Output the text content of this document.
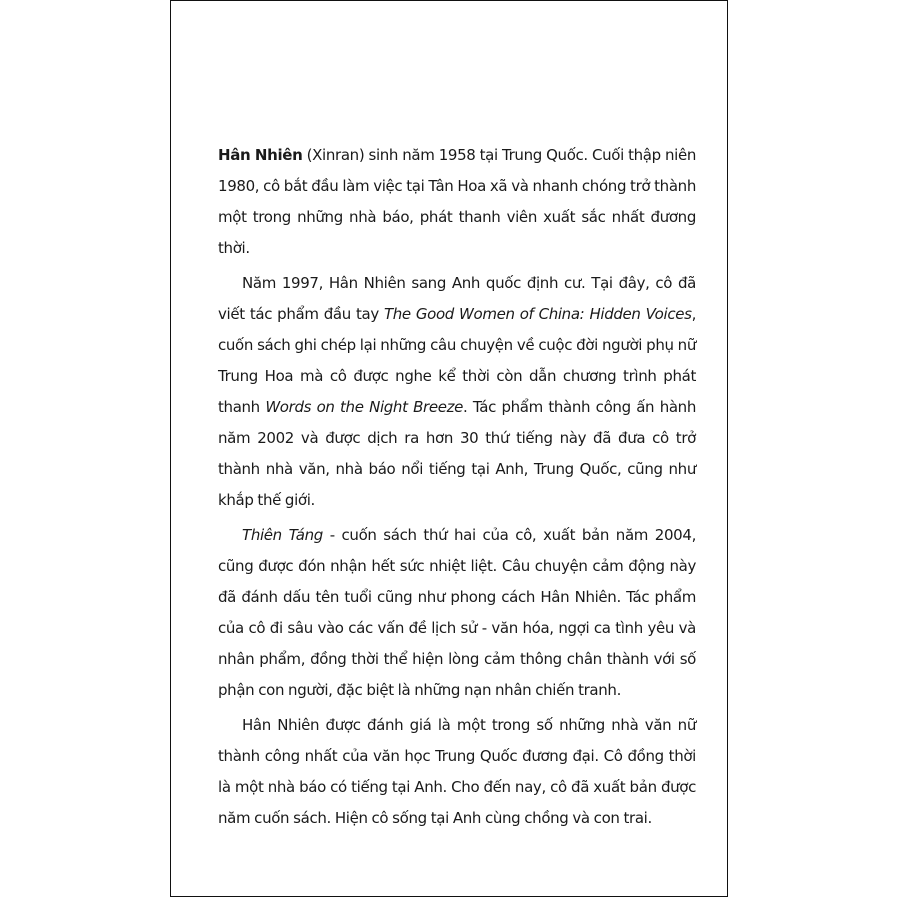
Hân Nhiên (Xinran) sinh năm 1958 tại Trung Quốc. Cuối thập niên 1980, cô bắt đầu làm việc tại Tân Hoa xã và nhanh chóng trở thành một trong những nhà báo, phát thanh viên xuất sắc nhất đương thời.

Năm 1997, Hân Nhiên sang Anh quốc định cư. Tại đây, cô đã viết tác phẩm đầu tay The Good Women of China: Hidden Voices, cuốn sách ghi chép lại những câu chuyện về cuộc đời người phụ nữ Trung Hoa mà cô được nghe kể thời còn dẫn chương trình phát thanh Words on the Night Breeze. Tác phẩm thành công ấn hành năm 2002 và được dịch ra hơn 30 thứ tiếng này đã đưa cô trở thành nhà văn, nhà báo nổi tiếng tại Anh, Trung Quốc, cũng như khắp thế giới.

Thiên Táng - cuốn sách thứ hai của cô, xuất bản năm 2004, cũng được đón nhận hết sức nhiệt liệt. Câu chuyện cảm động này đã đánh dấu tên tuổi cũng như phong cách Hân Nhiên. Tác phẩm của cô đi sâu vào các vấn đề lịch sử - văn hóa, ngợi ca tình yêu và nhân phẩm, đồng thời thể hiện lòng cảm thông chân thành với số phận con người, đặc biệt là những nạn nhân chiến tranh.

Hân Nhiên được đánh giá là một trong số những nhà văn nữ thành công nhất của văn học Trung Quốc đương đại. Cô đồng thời là một nhà báo có tiếng tại Anh. Cho đến nay, cô đã xuất bản được năm cuốn sách. Hiện cô sống tại Anh cùng chồng và con trai.
